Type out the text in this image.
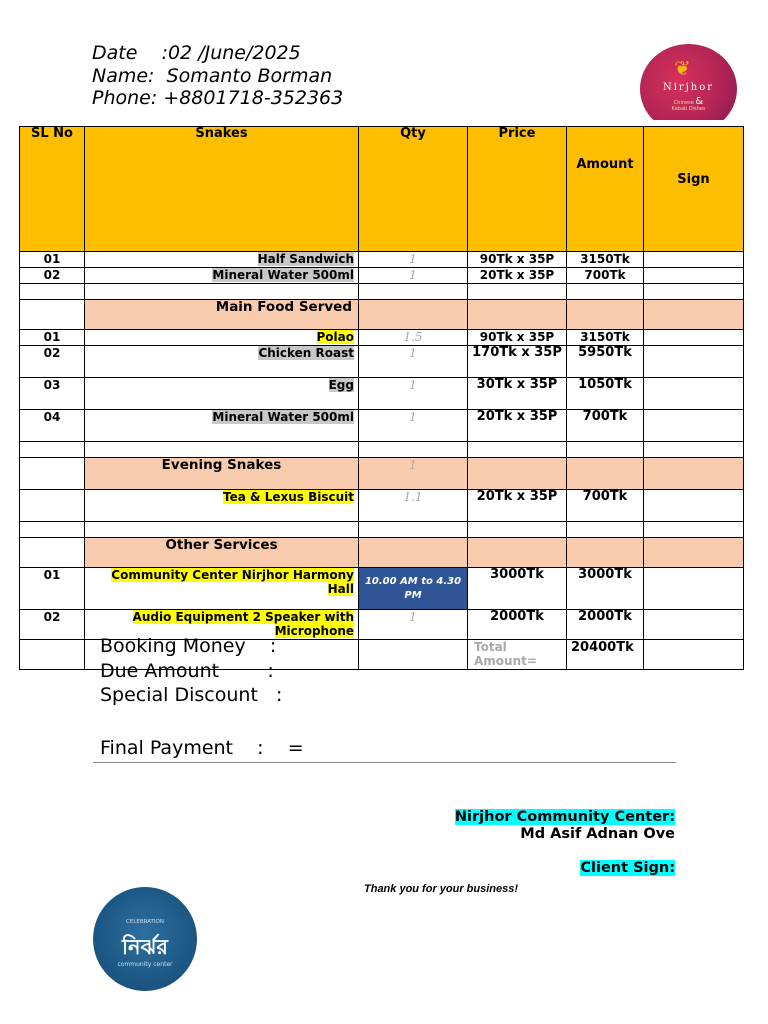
Date    :02 /June/2025
Name:  Somanto Borman
Phone: +8801718-352363
❦
Nirjhor
Chinese &
Kabab Dishes
SL No	Snakes	Qty	Price	Amount	Sign
01	Half Sandwich	1	90Tk x 35P	3150Tk	
02	Mineral Water 500ml	1	20Tk x 35P	700Tk	

	Main Food Served				
01	Polao	1.5	90Tk x 35P	3150Tk	
02	Chicken Roast	1	170Tk x 35P	5950Tk	
03	Egg	1	30Tk x 35P	1050Tk	
04	Mineral Water 500ml	1	20Tk x 35P	700Tk	

	Evening Snakes	1			
	Tea & Lexus Biscuit	1.1	20Tk x 35P	700Tk	

	Other Services				
01	Community Center Nirjhor Harmony Hall	10.00 AM to 4.30 PM	3000Tk	3000Tk	
02	Audio Equipment 2 Speaker with Microphone	1	2000Tk	2000Tk	
			Total Amount=	20400Tk	
Booking Money    :
Due Amount        :
Special Discount   :
Final Payment    :    =
Nirjhor Community Center:
Md Asif Adnan Ove
Client Sign:
Thank you for your business!
CELEBRATION
নির্ঝর
community center
